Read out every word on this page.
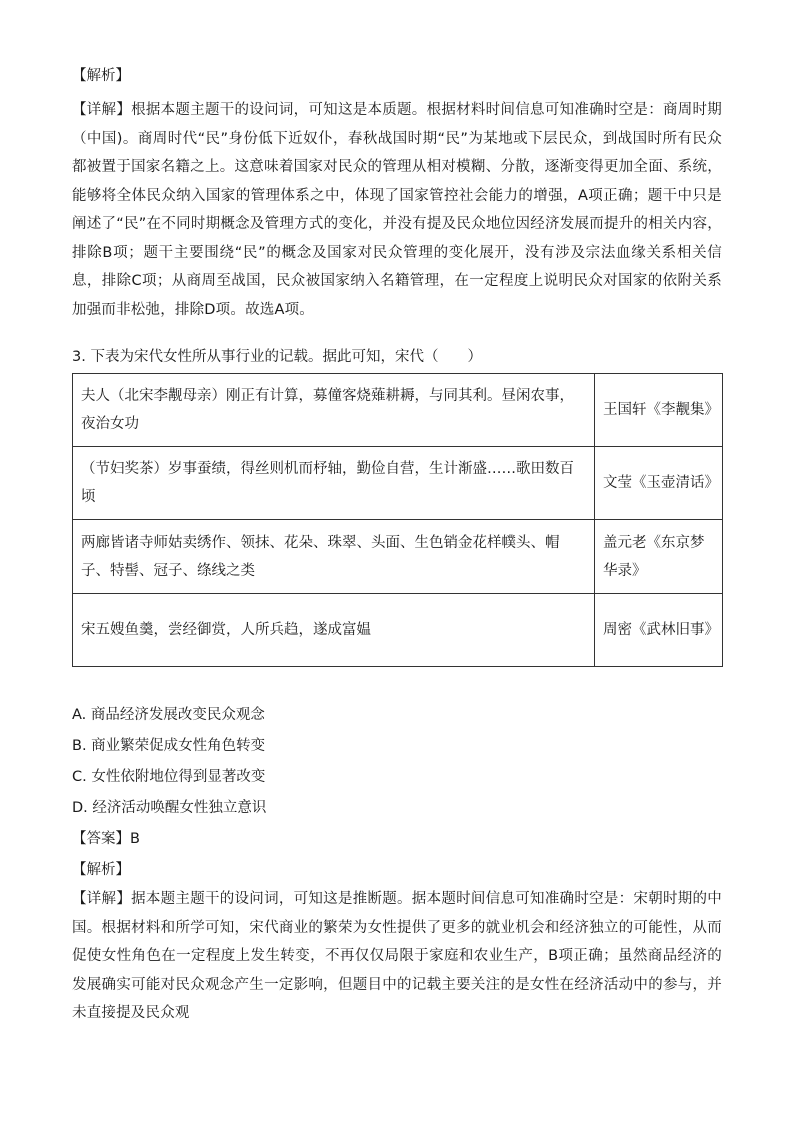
【解析】

【详解】根据本题主题干的设问词，可知这是本质题。根据材料时间信息可知准确时空是：商周时期（中国)。商周时代“民”身份低下近奴仆，春秋战国时期“民”为某地或下层民众，到战国时所有民众都被置于国家名籍之上。这意味着国家对民众的管理从相对模糊、分散，逐渐变得更加全面、系统，能够将全体民众纳入国家的管理体系之中，体现了国家管控社会能力的增强，A项正确；题干中只是阐述了“民”在不同时期概念及管理方式的变化，并没有提及民众地位因经济发展而提升的相关内容，排除B项；题干主要围绕“民”的概念及国家对民众管理的变化展开，没有涉及宗法血缘关系相关信息，排除C项；从商周至战国，民众被国家纳入名籍管理，在一定程度上说明民众对国家的依附关系加强而非松弛，排除D项。故选A项。

3. 下表为宋代女性所从事行业的记载。据此可知，宋代（　　）

夫人（北宋李觏母亲）刚正有计算，募僮客烧薙耕耨，与同其利。昼闲农事，夜治女功	王国轩《李觏集》
（节妇奖茶）岁事蚕绩，得丝则机而杼轴，勤俭自营，生计渐盛……歌田数百顷	文莹《玉壶清话》
两廊皆诸寺师姑卖绣作、领抹、花朵、珠翠、头面、生色销金花样幞头、帽子、特髻、冠子、绦线之类	盖元老《东京梦华录》
宋五嫂鱼羹，尝经御赏，人所兵趋，遂成富媪	周密《武林旧事》

A. 商品经济发展改变民众观念

B. 商业繁荣促成女性角色转变

C. 女性依附地位得到显著改变

D. 经济活动唤醒女性独立意识

【答案】B

【解析】

【详解】据本题主题干的设问词，可知这是推断题。据本题时间信息可知准确时空是：宋朝时期的中国。根据材料和所学可知，宋代商业的繁荣为女性提供了更多的就业机会和经济独立的可能性，从而促使女性角色在一定程度上发生转变，不再仅仅局限于家庭和农业生产，B项正确；虽然商品经济的发展确实可能对民众观念产生一定影响，但题目中的记载主要关注的是女性在经济活动中的参与，并未直接提及民众观
